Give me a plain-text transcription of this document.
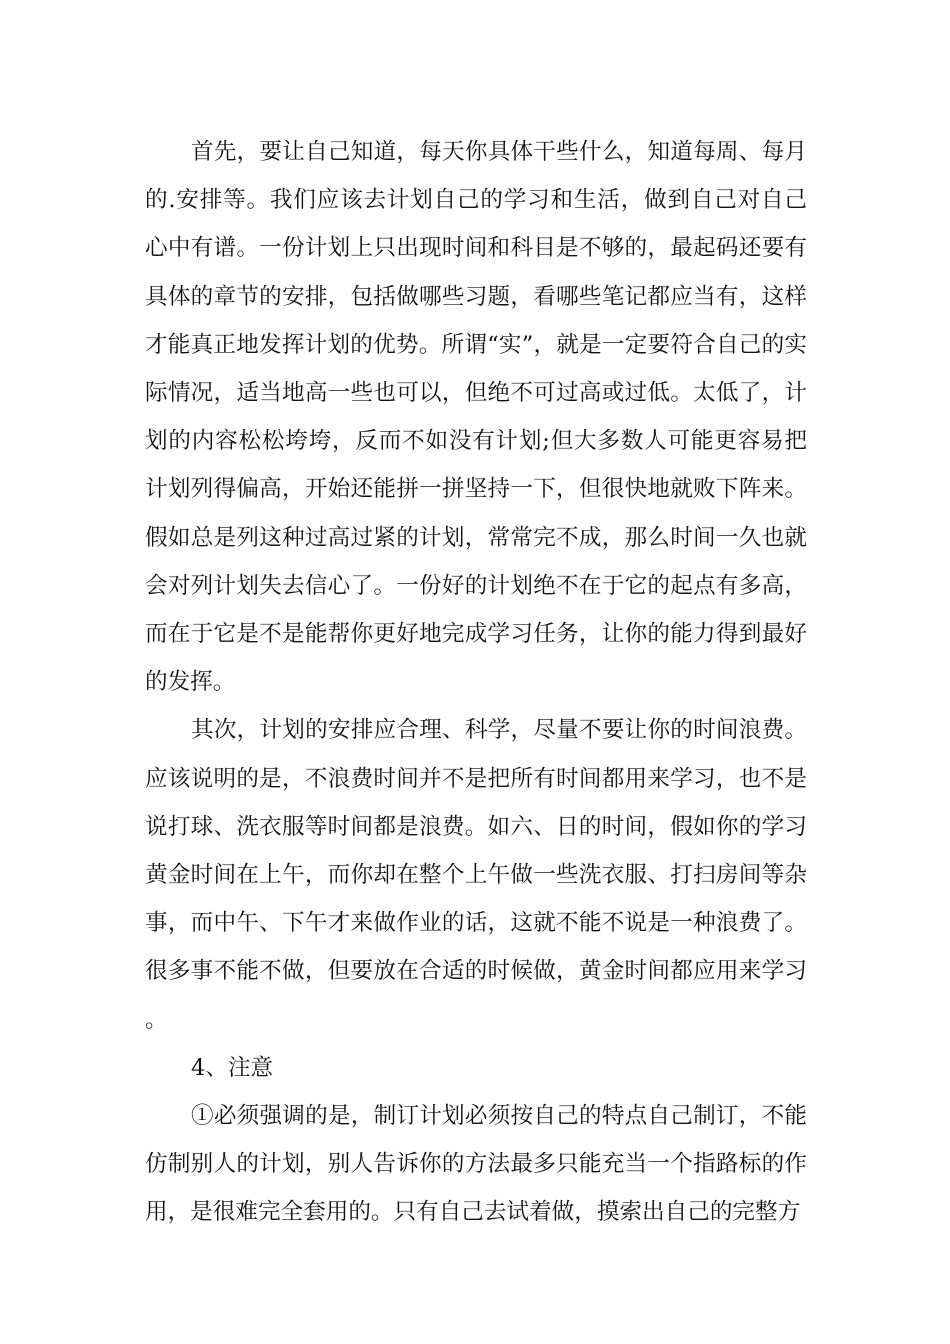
首先，要让自己知道，每天你具体干些什么，知道每周、每月的.安排等。我们应该去计划自己的学习和生活，做到自己对自己心中有谱。一份计划上只出现时间和科目是不够的，最起码还要有具体的章节的安排，包括做哪些习题，看哪些笔记都应当有，这样才能真正地发挥计划的优势。所谓“实”，就是一定要符合自己的实际情况，适当地高一些也可以，但绝不可过高或过低。太低了，计划的内容松松垮垮，反而不如没有计划;但大多数人可能更容易把计划列得偏高，开始还能拼一拼坚持一下，但很快地就败下阵来。假如总是列这种过高过紧的计划，常常完不成，那么时间一久也就会对列计划失去信心了。一份好的计划绝不在于它的起点有多高，而在于它是不是能帮你更好地完成学习任务，让你的能力得到最好的发挥。

其次，计划的安排应合理、科学，尽量不要让你的时间浪费。应该说明的是，不浪费时间并不是把所有时间都用来学习，也不是说打球、洗衣服等时间都是浪费。如六、日的时间，假如你的学习黄金时间在上午，而你却在整个上午做一些洗衣服、打扫房间等杂事，而中午、下午才来做作业的话，这就不能不说是一种浪费了。很多事不能不做，但要放在合适的时候做，黄金时间都应用来学习。

4、注意

①必须强调的是，制订计划必须按自己的特点自己制订，不能仿制别人的计划，别人告诉你的方法最多只能充当一个指路标的作用，是很难完全套用的。只有自己去试着做，摸索出自己的完整方
